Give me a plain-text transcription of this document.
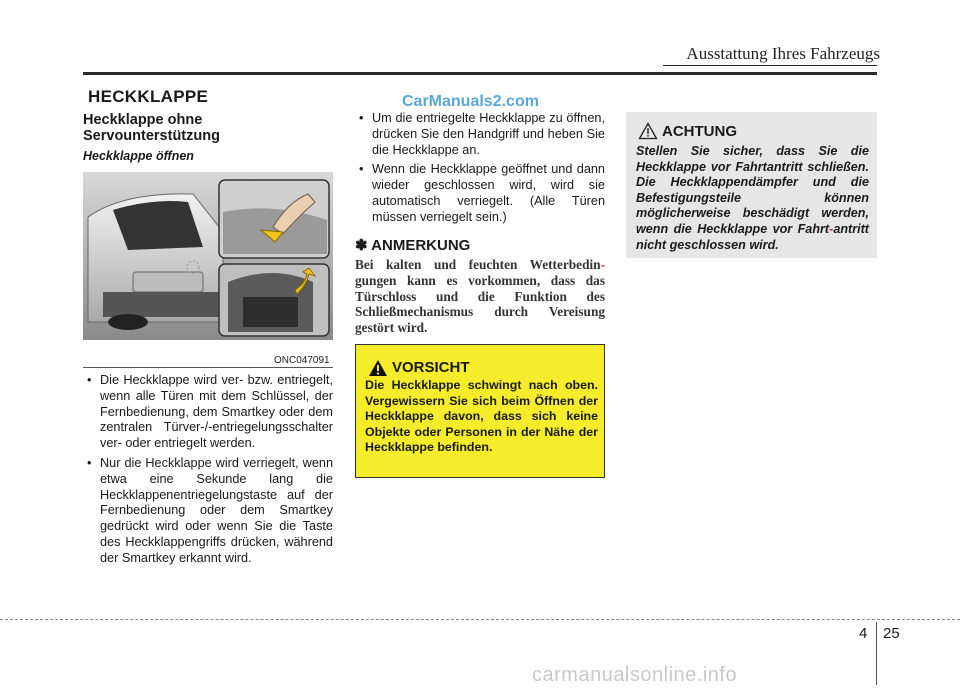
Ausstattung Ihres Fahrzeugs
HECKKLAPPE	CarManuals2.com
Heckklappe ohne Servounterstützung
Heckklappe öffnen
ONC047091
• Die Heckklappe wird ver- bzw. entriegelt, wenn alle Türen mit dem Schlüssel, der Fernbedienung, dem Smartkey oder dem zentralen Türver-/-entriegelungsschalter ver- oder entriegelt werden.
• Nur die Heckklappe wird verriegelt, wenn etwa eine Sekunde lang die Heckklappenentriegelungstaste auf der Fernbedienung oder dem Smartkey gedrückt wird oder wenn Sie die Taste des Heckklappengriffs drücken, während der Smartkey erkannt wird.
• Um die entriegelte Heckklappe zu öffnen, drücken Sie den Handgriff und heben Sie die Heckklappe an.
• Wenn die Heckklappe geöffnet und dann wieder geschlossen wird, wird sie automatisch verriegelt. (Alle Türen müssen verriegelt sein.)
✽ ANMERKUNG
Bei kalten und feuchten Wetterbedin-gungen kann es vorkommen, dass das Türschloss und die Funktion des Schließmechanismus durch Vereisung gestört wird.
VORSICHT
Die Heckklappe schwingt nach oben. Vergewissern Sie sich beim Öffnen der Heckklappe davon, dass sich keine Objekte oder Personen in der Nähe der Heckklappe befinden.
ACHTUNG
Stellen Sie sicher, dass Sie die Heckklappe vor Fahrtantritt schließen. Die Heckklappendämpfer und die Befestigungsteile können möglicherweise beschädigt werden, wenn die Heckklappe vor Fahrt-antritt nicht geschlossen wird.
4 25
carmanualsonline.info
